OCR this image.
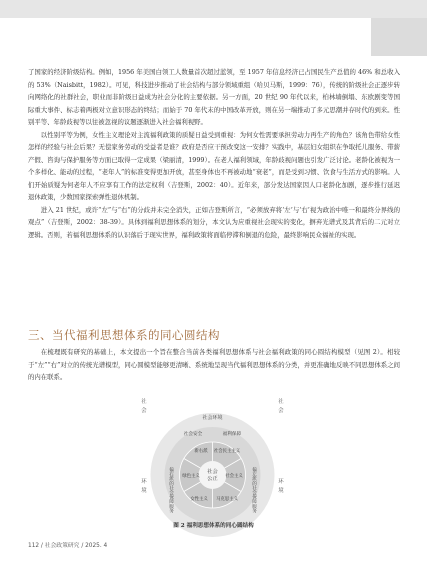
了国家的经济阶级结构。例如，1956 年美国白领工人数量首次超过蓝领，至 1957 年信息经济已占国民生产总值的 46% 和总收入的 53%（Naisbitt，1982）。可见，科技进步推动了社会结构与部分领域重组（哈贝马斯，1999：76），传统的阶级社会正逐步转向网络化的社群社会，职业而非阶级日益成为社会分化的主要依据。另一方面，20 世纪 90 年代以来，柏林墙倒塌、东欧剧变等国际重大事件、标志着两极对立意识形态的终结；而始于 70 年代末的中国改革开放，则在另一端推动了多元思潮并存时代的到来。性别平等、年龄歧视等以往被忽视的议题逐渐进入社会福利视野。

以性别平等为例，女性主义理论对主流福利政策的质疑日益受到重视：为何女性需要承担劳动力再生产的角色？该角色带给女性怎样的经验与社会后果？无偿家务劳动的受益者是谁？政府是否应干预改变这一安排？实践中，基层妇女组织在争取托儿服务、带薪产假、咨询与保护服务等方面已取得一定成果（梁丽清，1999）。在老人福利领域，年龄歧视问题也引发广泛讨论。老龄化被视为一个多样化、能动的过程，“老年人”的标准变得更加开放，甚至身体也不再被动地“衰老”，而是受到习惯、饮食与生活方式的影响。人们开始质疑为何老年人不应享有工作的法定权利（吉登斯，2002：40）。近年来，部分发达国家因人口老龄化加剧，逐步推行延迟退休政策，少数国家探索弹性退休机制。

进入 21 世纪，或许“左”与“右”的分歧并未完全消失，正如吉登斯所言，“必须放弃将‘左’与‘右’视为政治中唯一和最终分界线的观点”（吉登斯，2002：38-39）。具体到福利思想体系的划分，本文认为应重视社会现实的变化，摒弃光谱式及其背后的二元对立逻辑。否则，若福利思想体系的认识落后于现实世界，福利政策将面临停滞和倒退的危险，最终影响民众福祉的实现。

三、当代福利思想体系的同心圆结构

在梳理既有研究的基础上，本文提出一个旨在整合当前各类福利思想体系与社会福利政策的同心圆结构模型（见图 2）。相较于“左”“右”对立的传统光谱模型，同心圆模型能够更清晰、系统地呈现当代福利思想体系的分类，并更准确地反映不同思想体系之间的内在联系。

社会
环境
社会
环境
社会
公正
新右派 社会民主主义
社会主义
马克思主义
女性主义
绿色主义
社会环境
社会安全	福利保障
偏右派的社会保障服务	偏左派的社会保障服务
图 2 福利思想体系的同心圆结构
112 / 社会政策研究 / 2025. 4
